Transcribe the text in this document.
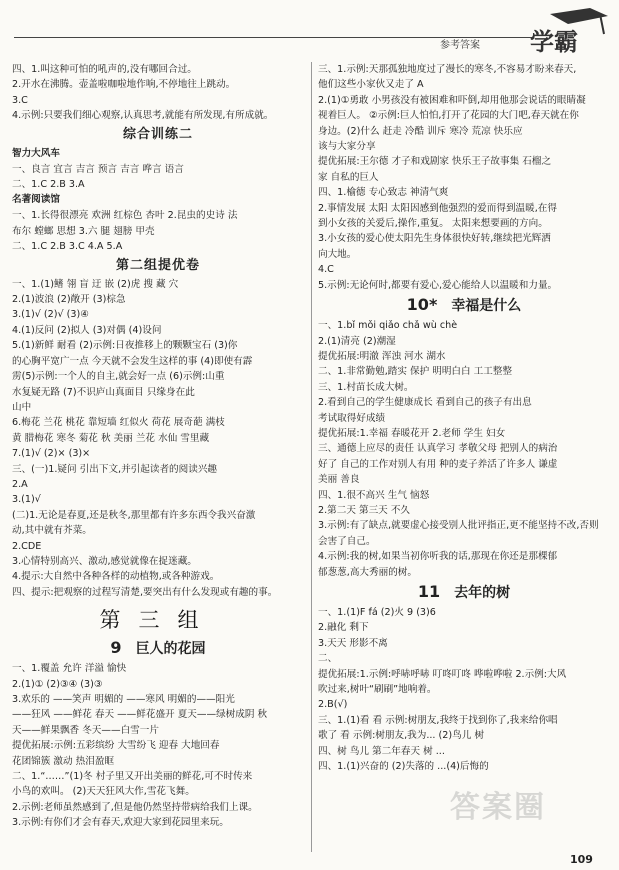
参考答案 学霸
四、1.叫这种可怕的吼声的,没有哪回合过。
2.开水在沸腾。壶盖啦咖啦地作响,不停地往上跳动。
3.C
4.示例:只要我们细心观察,认真思考,就能有所发现,有所成就。
综合训练二
智力大风车
一、良言 宜言 吉言 预言 吉言 哗言 语言
二、1.C 2.B 3.A
名著阅读馆
一、1.长得很漂亮 欢洲 红棕色 杏叶 2.昆虫的史诗 法
布尔 螳螂 思想 3.六 腿 翅膀 甲壳
二、1.C 2.B 3.C 4.A 5.A
第二组提优卷
一、1.(1)鳍 翎 盲 迂 嵌 (2)虎 搜 藏 穴
2.(1)波浪 (2)敞开 (3)棕急
3.(1)√ (2)√ (3)④
4.(1)反问 (2)拟人 (3)对偶 (4)设问
5.(1)新鲜 耐看 (2)示例:日夜推移上的颗颗宝石 (3)你
的心胸平宽广一点 今天就不会发生这样的事 (4)即使有霹
雳(5)示例:一个人的自主,就会好一点 (6)示例:山重
水复疑无路 (7)不识庐山真面目 只缘身在此
山中
6.梅花 兰花 桃花 靠短墙 红似火 荷花 展奇葩 满枝
黄 腊梅花 寒冬 菊花 秋 美丽 兰花 水仙 雪里藏
7.(1)√ (2)× (3)×
三、(一)1.疑问 引出下文,并引起读者的阅读兴趣
2.A
3.(1)√
(二)1.无论是春夏,还是秋冬,那里都有许多东西令我兴奋激
动,其中就有芥菜。
2.CDE
3.心情特别高兴、激动,感觉就像在捉迷藏。
4.提示:大自然中各种各样的动植物,或各种游戏。
四、提示:把观察的过程写清楚,要突出有什么发现或有趣的事。
第三组
9 巨人的花园
一、1.覆盖 允许 洋溢 愉快
2.(1)① (2)③④ (3)③
3.欢乐的 ——笑声 明媚的 ——寒风 明媚的——阳光
——狂风 ——鲜花 春天 ——鲜花盛开 夏天——绿树成阴 秋
天——鲜果飘香 冬天——白雪一片
提优拓展:示例:五彩缤纷 大雪纷飞 迎春 大地回春
花团锦簇 激动 热泪盈眶
二、1.“……”(1)冬 村子里又开出美丽的鲜花,可不时传来
小鸟的欢叫。 (2)天天狂风大作,雪花飞舞。
2.示例:老师虽然感到了,但是他仍然坚持带病给我们上课。
3.示例:有你们才会有春天,欢迎大家到花园里来玩。
三、1.示例:天那孤独地度过了漫长的寒冬,不容易才盼来春天,
他们这些小家伙又走了 A
2.(1)①勇敢 小男孩没有被困难和吓倒,却用他那会说话的眼睛凝
视着巨人。 ②示例:巨人怕怕,打开了花园的大门吧,春天就在你
身边。(2)什么 赶走 冷酷 训斥 寒冷 荒凉 快乐应
该与大家分享
提优拓展:王尔德 才子和戏剧家 快乐王子故事集 石榴之
家 自私的巨人
四、1.榆德 专心致志 神清气爽
2.事情发展 太阳 太阳因感到他强烈的爱而得到温暖,在得
到小女孩的关爱后,操作,重复。 太阳来想要画的方向。
3.小女孩的爱心使太阳先生身体很快好转,继续把光辉洒
向大地。
4.C
5.示例:无论何时,都要有爱心,爱心能给人以温暖和力量。
10* 幸福是什么
一、1.bǐ mǒi qiǎo chǎ wù chè
2.(1)清亮 (2)潮湿
提优拓展:明澈 浑浊 河水 湖水
二、1.非常勤勉,踏实 保护 明明白白 工工整整
三、1.村苗长成大树。
2.看到自己的学生健康成长 看到自己的孩子有出息
考试取得好成绩
提优拓展:1.幸福 春暖花开 2.老师 学生 妇女
三、通德上应尽的责任 认真学习 孝敬父母 把别人的病治
好了 自己的工作对别人有用 种的麦子养活了许多人 谦虚
美丽 善良
四、1.很不高兴 生气 恼怒
2.第二天 第三天 不久
3.示例:有了缺点,就要虚心接受别人批评指正,更不能坚持不改,否则
会害了自己。
4.示例:我的树,如果当初你听我的话,那现在你还是那棵郁
郁葱葱,高大秀丽的树。
11 去年的树
一、1.(1)F fá (2)火 9 (3)6
2.融化 剩下
3.天天 形影不离
二、
提优拓展:1.示例:呼哧呼哧 叮咚叮咚 哗啦哗啦 2.示例:大风
吹过来,树叶“刷刷”地响着。
2.B(√)
三、1.(1)看 看 示例:树朋友,我终于找到你了,我来给你唱
歌了 看 示例:树朋友,我为... (2)鸟儿 树
四、树 鸟儿 第二年春天 树 ...
四、1.(1)兴奋的 (2)失落的 ...(4)后悔的
答案圈
109
